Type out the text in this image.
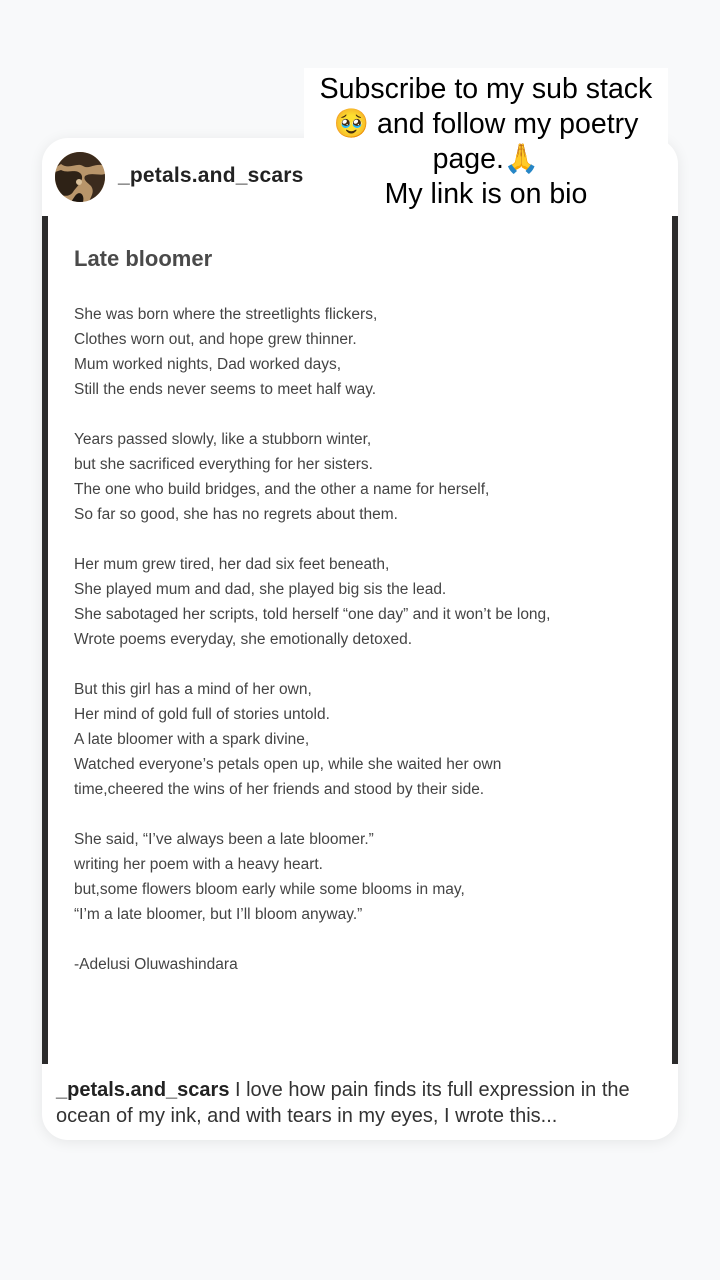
_petals.and_scars
Late bloomer
She was born where the streetlights flickers,
Clothes worn out, and hope grew thinner.
Mum worked nights, Dad worked days,
Still the ends never seems to meet half way.
Years passed slowly, like a stubborn winter,
but she sacrificed everything for her sisters.
The one who build bridges, and the other a name for herself,
So far so good, she has no regrets about them.
Her mum grew tired, her dad six feet beneath,
She played mum and dad, she played big sis the lead.
She sabotaged her scripts, told herself “one day” and it won’t be long,
Wrote poems everyday, she emotionally detoxed.
But this girl has a mind of her own,
Her mind of gold full of stories untold.
A late bloomer with a spark divine,
Watched everyone’s petals open up, while she waited her own
time,cheered the wins of her friends and stood by their side.
She said, “I’ve always been a late bloomer.”
writing her poem with a heavy heart.
but,some flowers bloom early while some blooms in may,
“I’m a late bloomer, but I’ll bloom anyway.”
-Adelusi Oluwashindara
_petals.and_scars I love how pain finds its full expression in the ocean of my ink, and with tears in my eyes, I wrote this...
Subscribe to my sub stack
🥹 and follow my poetry
page.🙏
My link is on bio
